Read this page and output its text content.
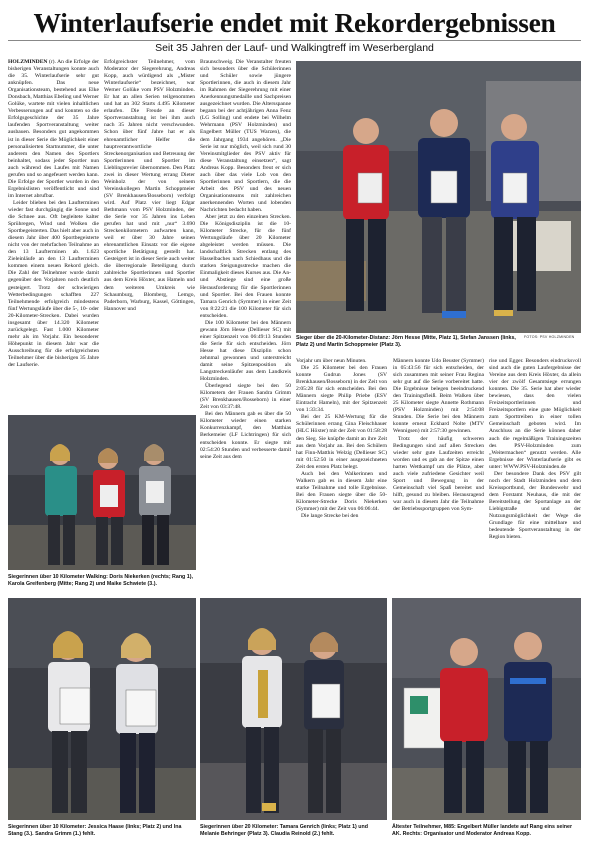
Winterlaufserie endet mit Rekordergebnissen
Seit 35 Jahren der Lauf- und Walkingtreff im Weserbergland

HOLZMINDEN (r). An die Erfolge der bisherigen Veranstaltungen konnte auch die 35. Winterlaufserie sehr gut anknüpfen. Das neue Organisationsteam, bestehend aus Elke Donsbach, Matthias Ebeling und Werner Golüke, wartete mit vielen inhaltlichen Verbesserungen auf und konnten so die Erfolgsgeschichte der 35 Jahre laufenden Sportveranstaltung weiter ausbauen. Besonders gut angekommen ist in dieser Serie die Möglichkeit einer personalisierten Startnummer, die unter anderem den Namen des Sportlers beinhaltet, sodass jeder Sportler nun auch während des Laufes mit Namen gerufen und so angefeuert werden kann. Die Erfolge der Sportler wurden in den Ergebnislisten veröffentlicht und sind im Internet abrufbar.

Leider blieben bei den Laufterminen wieder fast durchgängig die Sonne und die Schnee aus. Oft begleitete kalter Sprühregen, Wind und Wolken die Sportbegeisterten. Das hielt aber auch in diesem Jahr über 400 Sportbegeisterte nicht von der mehrfachen Teilnahme an den 13 Laufterminen ab. 1.623 Zieleinläufe an den 13 Laufterminen kommen einem neuen Rekord gleich. Die Zahl der Teilnehmer wurde damit gegenüber den Vorjahren noch deutlich gesteigert. Trotz der schwierigen Wetterbedingungen schafften 227 Teilnehmende erfolgreich mindestens fünf Wertungsläufe über die 5-, 10- oder 20-Kilometer-Strecken. Dabei wurden insgesamt über 14.320 Kilometer zurückgelegt. Fast 1.000 Kilometer mehr als im Vorjahr. Ein besonderer Höhepunkt in diesem Jahr war die Ausschreibung für die erfolgreichsten Teilnehmer über die bisherigen 35 Jahre der Laufserie.

Erfolgreichster Teilnehmer, vom Moderator der Siegerehrung, Andreas Kopp, auch würdigend als „Mister Winterlaufserie“ bezeichnet, war Werner Golüke vom PSV Holzminden. Er hat an allen Serien teilgenommen und hat an 302 Starts 4.495 Kilometer erlaufen. Die Freude an dieser Sportveranstaltung ist bei ihm auch nach 35 Jahren nicht verschwunden. Schon über fünf Jahre hat er als ehrenamtlicher Helfer die hauptverantwortliche Streckenorganisation und Betreuung der Sportlerinnen und Sportler im Lieblingsrevier übernommen. Den Platz zwei in dieser Wertung errang Dieter Weinholz der von seinem Vereinskollegen Martin Schoppmeier (SV Brenkhausen/Bosseborn) verfolgt wird. Auf Platz vier liegt Edgar Bethmann vom PSV Holzminden, der die Serie vor 35 Jahren ins Leben gerufen hat und mit „nur“ 3.690 Streckenkilometern aufwarten kann, weil er über 30 Jahre seinen ehrenamtlichen Einsatz vor die eigene sportliche Betätigung gestellt hat. Gesteigert ist in dieser Serie auch weiter die überregionale Beteiligung durch zahlreiche Sportlerinnen und Sportler aus dem Kreis Höxter, aus Hameln und dem weiteren Umkreis wie Schaumburg, Blomberg, Lemgo, Paderborn, Warburg, Kassel, Göttingen, Hannover und

Braunschweig. Die Veranstalter freuten sich besonders über die Schülerinnen und Schüler sowie jüngere Sportlerinnen, die auch in diesem Jahr im Rahmen der Siegerehrung mit einer Anerkennungsmedaille und Sachpreisen ausgezeichnet wurden. Die Altersspanne begann bei der achtjährigen Anna Fenz (LG Solling) und endete bei Wilhelm Wehrmann (PSV Holzminden) und Engelbert Müller (TUS Warzen), die dem Jahrgang 1934 angehören. „Die Serie ist nur möglich, weil sich rund 30 Vereinsmitglieder des PSV aktiv für diese Veranstaltung einsetzen“, sagt Andreas Kopp. Besonders freut er sich auch über das viele Lob von den Sportlerinnen und Sportlern, die die Arbeit des PSV und des neuen Organisationsteams mit zahlreichen anerkennenden Worten und lobenden Nachrichten bedacht haben.

Aber jetzt zu den einzelnen Strecken. Die Königsdisziplin ist die 10-Kilometer Strecke, für die fünf Wertungsläufe über 20 Kilometer abgeleistet werden müssen. Die landschaftlich Strecken entlang des Hasselbaches nach Schiedhaus und die starken Steigungsstrecke machen die Einmaligkeit dieses Kurses aus. Die An- und Abstiege sind eine große Herausforderung für die Sportlerinnen und Sportler. Bei den Frauen konnte Tamara Genrich (Symmer) in einer Zeit von 8:22:21 die 100 Kilometer für sich entscheiden.

Die 100 Kilometer bei den Männern gewann Jörn Hesse (Dellieser SC) mit einer Spitzenzeit von 06:49:13 Stunden die Serie für sich entscheiden. Jörn Hesse hat diese Disziplin schon zehnmal gewonnen und unterstreicht damit seine Spitzenposition als Langstreckenläufer aus dem Landkreis Holzminden.

Überlegend siegte bei den 50 Kilometern der Frauen Sandra Grimm (SV Brenkhausen/Bosseborn) in einer Zeit von 03:37:48.

Bei den Männern gab es über die 50 Kilometer wieder einen starken Konkurrenzkampf, den Matthias Berkemeier (LF Lichtringen) für sich entscheiden konnte. Er siegte mit 02:54:20 Stunden und verbesserte damit seine Zeit aus dem

Vorjahr um über neun Minuten.

Die 25 Kilometer bei den Frauen konnte Gudrun Jones (SV Brenkhausen/Bosseborn) in der Zeit von 2:05:28 für sich entscheiden. Bei den Männern siegte Philip Priebe (ESV Eintracht Hameln), mit der Spitzenzeit von 1:33:34.

Bei der 25 KM-Wertung für die Schülerinnen errang Gina Fleischhauer (HLC Höxter) mit der Zeit von 01:58:28 den Sieg. Sie knüpfte damit an ihre Zeit aus dem Vorjahr an. Bei den Schülern hat Finn-Matthis Welzig (Dellieser SC) mit 01:52:50 in einer ausgezeichneten Zeit den ersten Platz belegt.

Auch bei den Walkerinnen und Walkern gab es in diesem Jahr eine starke Teilnahme und tolle Ergebnisse. Bei den Frauen siegte über die 50-Kilometer-Strecke Doris Niekerken (Symmer) mit der Zeit von 06:06:44.

Die lange Strecke bei den

Männern konnte Udo Beuster (Symmer) in 05:43:56 für sich entscheiden, der sich zusammen mit seiner Frau Regina sehr gut auf die Serie vorbereitet hatte. Die Ergebnisse belegen beeindruckend den Trainingsfleiß. Beim Walken über 25 Kilometer siegte Annette Rothmann (PSV Holzminden) mit 2:54:08 Stunden. Die Serie bei den Männern konnte erneut Eckhard Nolte (MTV Wennigsen) mit 2:57:30 gewinnen.

Trotz der häufig schweren Bedingungen sind auf allen Strecken wieder sehr gute Laufzeiten erreicht worden und es gab an der Spitze einen harten Wettkampf um die Plätze, aber auch viele zufriedene Gesichter weil Sport und Bewegung in der Gemeinschaft viel Spaß bereitet und hilft, gesund zu bleiben. Herausragend war auch in diesem Jahr die Teilnahme der Betriebssportgruppen von Sym-

rise und Egger. Besonders eindrucksvoll sind auch die guten Laufergebnisse der Vereine aus dem Kreis Höxter, da allein vier der zwölf Gesamtsiege errungen konnten. Die 35. Serie hat aber wieder bewiesen, dass den vielen Freizeitsportlerinnen und Freizeitsportlern eine gute Möglichkeit zum Sporttreiben in einer tollen Gemeinschaft geboten wird. Im Anschluss an die Serie können daher auch die regelmäßigen Trainingszeiten des PSV-Holzminden zum „Weitermachen“ genutzt werden. Alle Ergebnisse der Winterlaufserie gibt es unter: WWW.PSV-Holzminden.de

Der besondere Dank des PSV gilt noch der Stadt Holzminden und dem Kreissportbund, der Bundeswehr und dem Forstamt Neuhaus, die mit der Bereitstellung der Sportanlage an der Liebigstraße und der Nutzungsmöglichkeit der Wege die Grundlage für eine mittelbare und bedeutende Sportveranstaltung in der Region bieten.

FOTOS: PSV HOLZMINDEN
Sieger über die 20-Kilometer-Distanz: Jörn Hesse (Mitte, Platz 1), Stefan Janssen (links, Platz 2) und Martin Schoppmeier (Platz 3).
Siegerinnen über 10 Kilometer Walking: Doris Niekerken (rechts; Rang 1), Karola Greifenberg (Mitte; Rang 2) und Maike Schwiete (3.).
Siegerinnen über 10 Kilometer: Jessica Haase (links; Platz 2) und Ina Stang (3.). Sandra Grimm (1.) fehlt.
Siegerinnen über 20 Kilometer: Tamara Genrich (links; Platz 1) und Melanie Behringer (Platz 3). Claudia Reinold (2.) fehlt.
Ältester Teilnehmer, M85: Engelbert Müller landete auf Rang eins seiner AK. Rechts: Organisator und Moderator Andreas Kopp.
